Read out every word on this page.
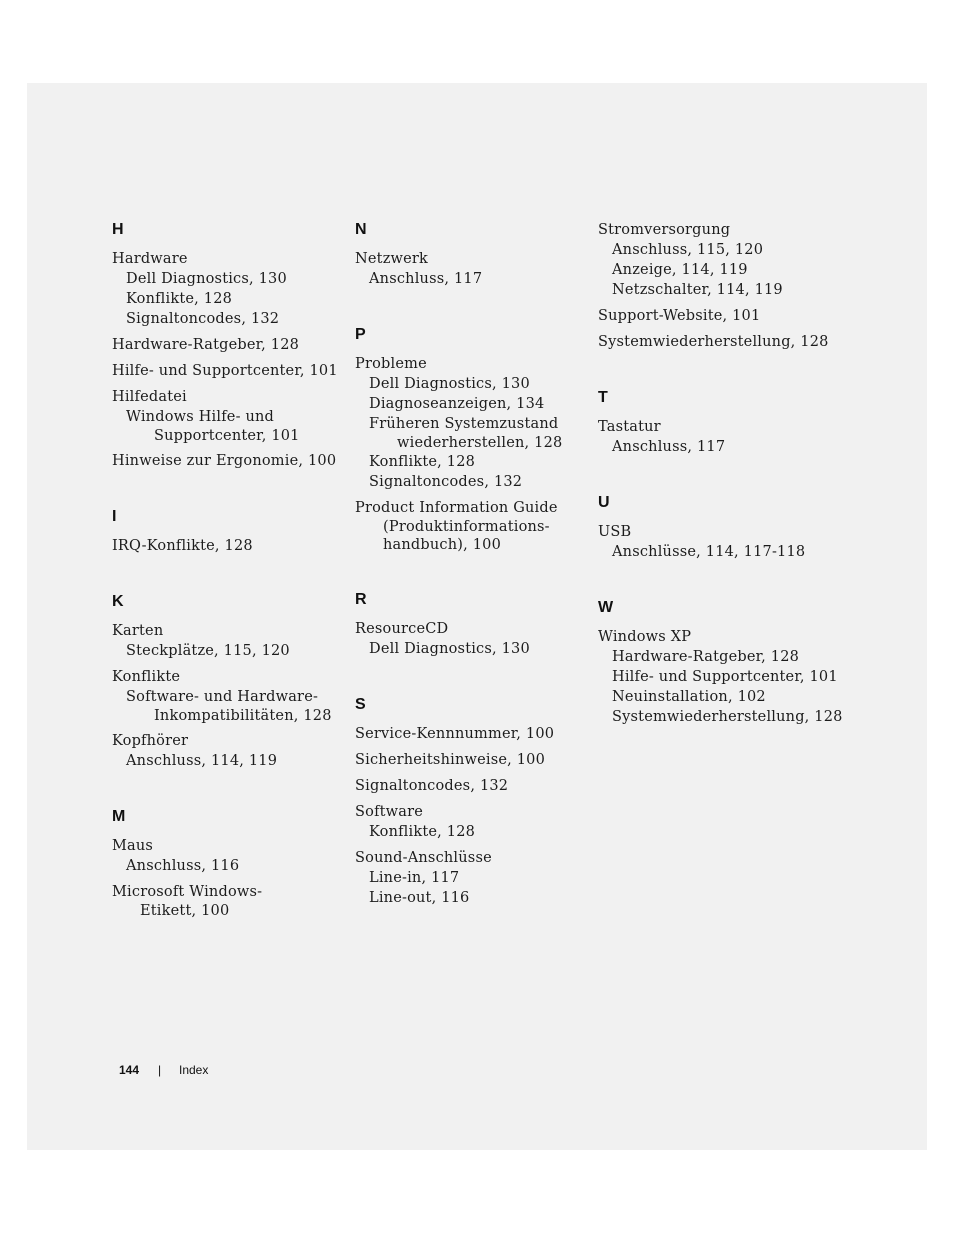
H
Hardware
Dell Diagnostics, 130
Konflikte, 128
Signaltoncodes, 132
Hardware-Ratgeber, 128
Hilfe- und Supportcenter, 101
Hilfedatei
Windows Hilfe- und
Supportcenter, 101
Hinweise zur Ergonomie, 100
I
IRQ-Konflikte, 128
K
Karten
Steckplätze, 115, 120
Konflikte
Software- und Hardware-
Inkompatibilitäten, 128
Kopfhörer
Anschluss, 114, 119
M
Maus
Anschluss, 116
Microsoft Windows-
Etikett, 100
N
Netzwerk
Anschluss, 117
P
Probleme
Dell Diagnostics, 130
Diagnoseanzeigen, 134
Früheren Systemzustand
wiederherstellen, 128
Konflikte, 128
Signaltoncodes, 132
Product Information Guide
(Produktinformations-
handbuch), 100
R
ResourceCD
Dell Diagnostics, 130
S
Service-Kennnummer, 100
Sicherheitshinweise, 100
Signaltoncodes, 132
Software
Konflikte, 128
Sound-Anschlüsse
Line-in, 117
Line-out, 116
Stromversorgung
Anschluss, 115, 120
Anzeige, 114, 119
Netzschalter, 114, 119
Support-Website, 101
Systemwiederherstellung, 128
T
Tastatur
Anschluss, 117
U
USB
Anschlüsse, 114, 117-118
W
Windows XP
Hardware-Ratgeber, 128
Hilfe- und Supportcenter, 101
Neuinstallation, 102
Systemwiederherstellung, 128
144 | Index
